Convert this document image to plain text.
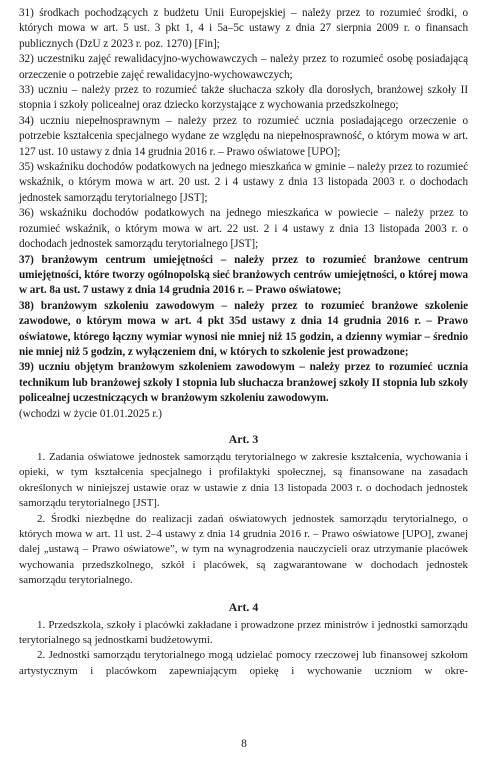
31) środkach pochodzących z budżetu Unii Europejskiej – należy przez to rozumieć środki, o których mowa w art. 5 ust. 3 pkt 1, 4 i 5a–5c ustawy z dnia 27 sierpnia 2009 r. o finansach publicznych (DzU z 2023 r. poz. 1270) [Fin];

32) uczestniku zajęć rewalidacyjno-wychowawczych – należy przez to rozumieć osobę posiadającą orzeczenie o potrzebie zajęć rewalidacyjno-wychowawczych;

33) uczniu – należy przez to rozumieć także słuchacza szkoły dla dorosłych, branżowej szkoły II stopnia i szkoły policealnej oraz dziecko korzystające z wychowania przedszkolnego;

34) uczniu niepełnosprawnym – należy przez to rozumieć ucznia posiadającego orzeczenie o potrzebie kształcenia specjalnego wydane ze względu na niepełnosprawność, o którym mowa w art. 127 ust. 10 ustawy z dnia 14 grudnia 2016 r. – Prawo oświatowe [UPO];

35) wskaźniku dochodów podatkowych na jednego mieszkańca w gminie – należy przez to rozumieć wskaźnik, o którym mowa w art. 20 ust. 2 i 4 ustawy z dnia 13 listopada 2003 r. o dochodach jednostek samorządu terytorialnego [JST];

36) wskaźniku dochodów podatkowych na jednego mieszkańca w powiecie – należy przez to rozumieć wskaźnik, o którym mowa w art. 22 ust. 2 i 4 ustawy z dnia 13 listopada 2003 r. o dochodach jednostek samorządu terytorialnego [JST];

37) branżowym centrum umiejętności – należy przez to rozumieć branżowe centrum umiejętności, które tworzy ogólnopolską sieć branżowych centrów umiejętności, o której mowa w art. 8a ust. 7 ustawy z dnia 14 grudnia 2016 r. – Prawo oświatowe;

38) branżowym szkoleniu zawodowym – należy przez to rozumieć branżowe szkolenie zawodowe, o którym mowa w art. 4 pkt 35d ustawy z dnia 14 grudnia 2016 r. – Prawo oświatowe, którego łączny wymiar wynosi nie mniej niż 15 godzin, a dzienny wymiar – średnio nie mniej niż 5 godzin, z wyłączeniem dni, w których to szkolenie jest prowadzone;

39) uczniu objętym branżowym szkoleniem zawodowym – należy przez to rozumieć ucznia technikum lub branżowej szkoły I stopnia lub słuchacza branżowej szkoły II stopnia lub szkoły policealnej uczestniczących w branżowym szkoleniu zawodowym.

(wchodzi w życie 01.01.2025 r.)

Art. 3

1. Zadania oświatowe jednostek samorządu terytorialnego w zakresie kształcenia, wychowania i opieki, w tym kształcenia specjalnego i profilaktyki społecznej, są finansowane na zasadach określonych w niniejszej ustawie oraz w ustawie z dnia 13 listopada 2003 r. o dochodach jednostek samorządu terytorialnego [JST].

2. Środki niezbędne do realizacji zadań oświatowych jednostek samorządu terytorialnego, o których mowa w art. 11 ust. 2–4 ustawy z dnia 14 grudnia 2016 r. – Prawo oświatowe [UPO], zwanej dalej „ustawą – Prawo oświatowe”, w tym na wynagrodzenia nauczycieli oraz utrzymanie placówek wychowania przedszkolnego, szkół i placówek, są zagwarantowane w dochodach jednostek samorządu terytorialnego.

Art. 4

1. Przedszkola, szkoły i placówki zakładane i prowadzone przez ministrów i jednostki samorządu terytorialnego są jednostkami budżetowymi.

2. Jednostki samorządu terytorialnego mogą udzielać pomocy rzeczowej lub finansowej szkołom artystycznym i placówkom zapewniającym opiekę i wychowanie uczniom w okre-

8
